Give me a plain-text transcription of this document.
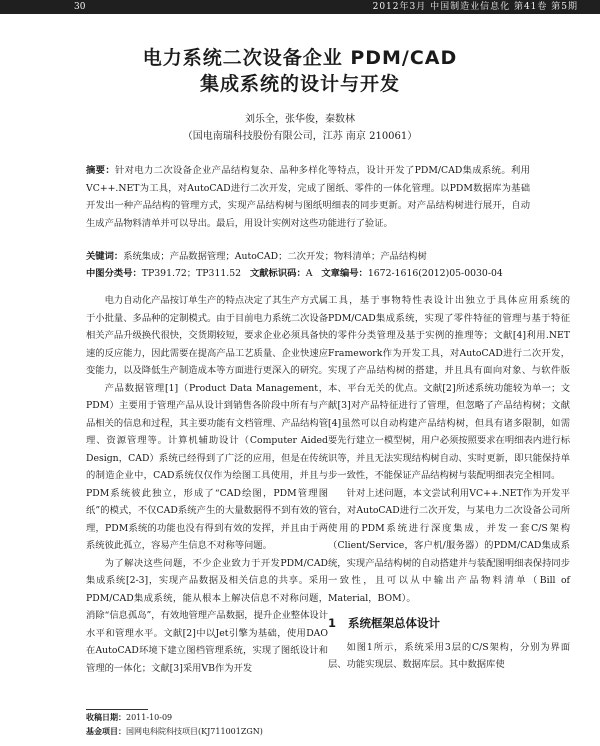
30	2012年3月 中国制造业信息化 第41卷 第5期
电力系统二次设备企业 PDM/CAD
集成系统的设计与开发
刘乐全，张华俊，秦数林
（国电南瑞科技股份有限公司，江苏 南京 210061）
摘要：针对电力二次设备企业产品结构复杂、品种多样化等特点，设计开发了PDM/CAD集成系统。利用VC++.NET为工具，对AutoCAD进行二次开发，完成了图纸、零件的一体化管理。以PDM数据库为基础开发出一种产品结构的管理方式，实现产品结构树与图纸明细表的同步更新。对产品结构树进行展开，自动生成产品物料清单并可以导出。最后，用设计实例对这些功能进行了验证。
关键词：系统集成；产品数据管理；AutoCAD；二次开发；物料清单；产品结构树
中图分类号：TP391.72；TP311.52 文献标识码：A 文章编号：1672-1616(2012)05-0030-04

电力自动化产品按订单生产的特点决定了其生产方式属于小批量、多品种的定制模式。由于目前电力系统二次设备相关产品升级换代很快，交货期较短，要求企业必须具备快速的反应能力，因此需要在提高产品工艺质量、企业快速应变能力，以及降低生产制造成本等方面进行更深入的研究。

产品数据管理[1]（Product Data Management，PDM）主要用于管理产品从设计到销售各阶段中所有与产品相关的信息和过程，其主要功能有文档管理、产品结构管理、资源管理等。计算机辅助设计（Computer Aided Design，CAD）系统已经得到了广泛的应用，但是在传统的制造企业中，CAD系统仅仅作为绘图工具使用，并且与PDM系统彼此独立，形成了“CAD绘图，PDM管理图纸”的模式，不仅CAD系统产生的大量数据得不到有效的管理，PDM系统的功能也没有得到有效的发挥，并且由于两系统彼此孤立，容易产生信息不对称等问题。

为了解决这些问题，不少企业致力于开发PDM/CAD集成系统[2-3]，实现产品数据及相关信息的共享。采用PDM/CAD集成系统，能从根本上解决信息不对称问题，消除“信息孤岛”，有效地管理产品数据，提升企业整体设计水平和管理水平。文献[2]中以Jet引擎为基础，使用DAO在AutoCAD环境下建立图档管理系统，实现了图纸设计和管理的一体化；文献[3]采用VB作为开发

工具，基于事物特性表设计出独立于具体应用系统的PDM/CAD集成系统，实现了零件特征的管理与基于特征的零件分类管理及基于实例的推理等；文献[4]利用.NET Framework作为开发工具，对AutoCAD进行二次开发，实现了产品结构树的搭建，并且具有面向对象、与软件版本、平台无关的优点。文献[2]所述系统功能较为单一；文献[3]对产品特征进行了管理，但忽略了产品结构树；文献[4]虽然可以自动构建产品结构树，但具有诸多限制，如需要先行建立一模型树，用户必须按照要求在明细表内进行标识等，并且无法实现结构树自动、实时更新，即只能保持单步一致性，不能保证产品结构树与装配明细表完全相同。

针对上述问题，本文尝试利用VC++.NET作为开发平台，对AutoCAD进行二次开发，与某电力二次设备公司所使用的PDM系统进行深度集成，并发一套C/S架构（Client/Service，客户机/服务器）的PDM/CAD集成系统，实现产品结构树的自动搭建并与装配图明细表保持同步一致性，且可以从中输出产品物料清单（Bill of Material，BOM）。

1 系统框架总体设计

如图1所示，系统采用3层的C/S架构，分别为界面层、功能实现层、数据库层。其中数据库使

收稿日期：2011-10-09
基金项目：国网电科院科技项目(KJ711001ZGN)
